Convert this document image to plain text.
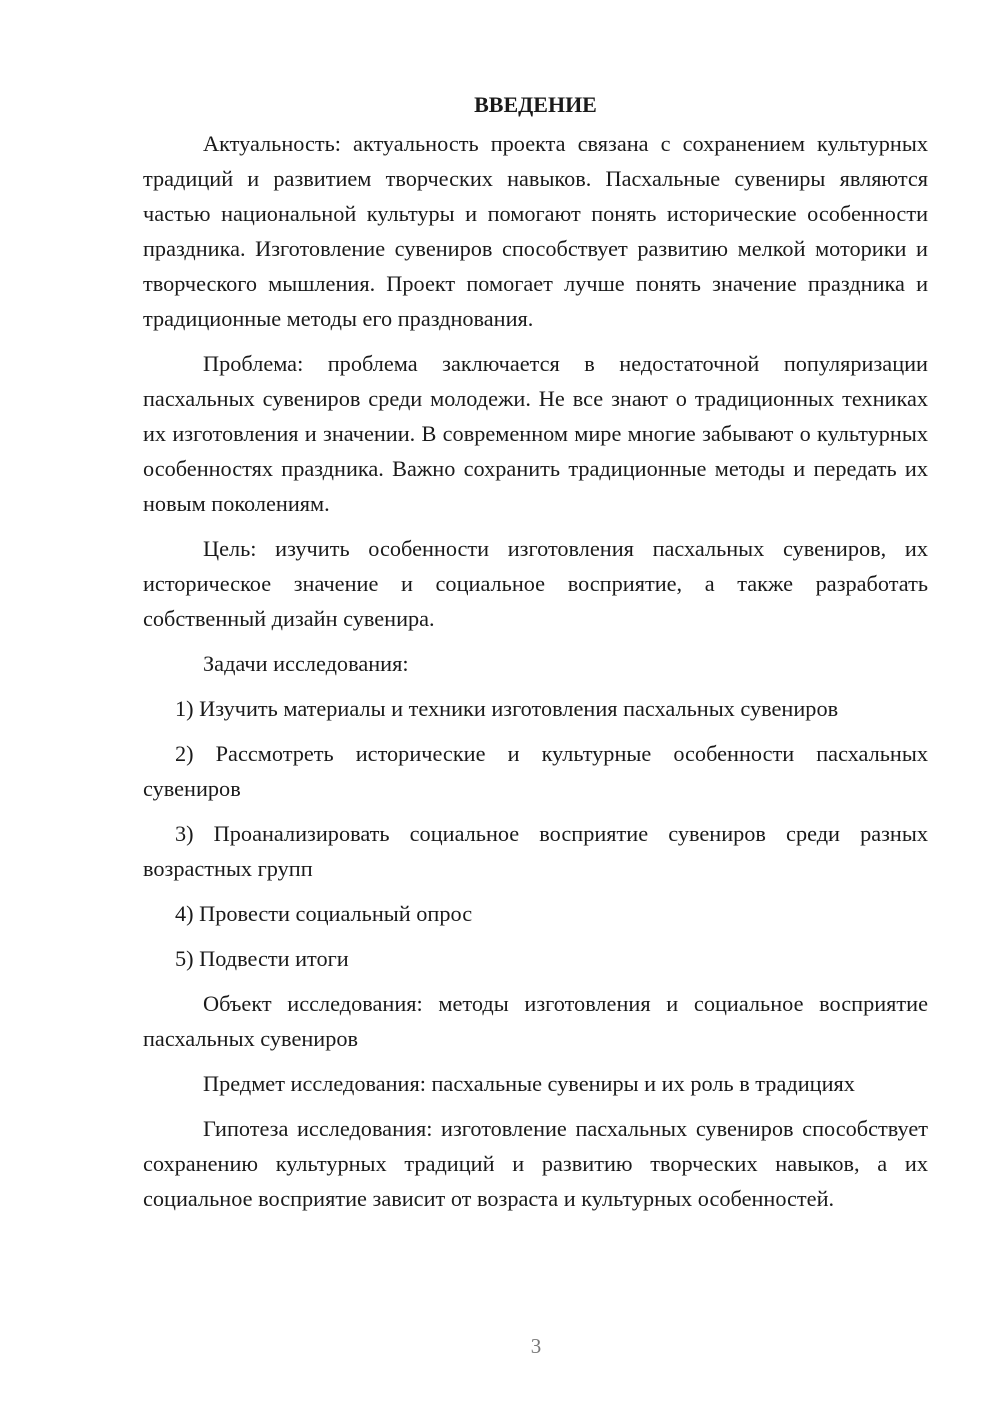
ВВЕДЕНИЕ

Актуальность: актуальность проекта связана с сохранением культурных традиций и развитием творческих навыков. Пасхальные сувениры являются частью национальной культуры и помогают понять исторические особенности праздника. Изготовление сувениров способствует развитию мелкой моторики и творческого мышления. Проект помогает лучше понять значение праздника и традиционные методы его празднования.

Проблема: проблема заключается в недостаточной популяризации пасхальных сувениров среди молодежи. Не все знают о традиционных техниках их изготовления и значении. В современном мире многие забывают о культурных особенностях праздника. Важно сохранить традиционные методы и передать их новым поколениям.

Цель: изучить особенности изготовления пасхальных сувениров, их историческое значение и социальное восприятие, а также разработать собственный дизайн сувенира.

Задачи исследования:

1) Изучить материалы и техники изготовления пасхальных сувениров

2) Рассмотреть исторические и культурные особенности пасхальных сувениров

3) Проанализировать социальное восприятие сувениров среди разных возрастных групп

4) Провести социальный опрос

5) Подвести итоги

Объект исследования: методы изготовления и социальное восприятие пасхальных сувениров

Предмет исследования: пасхальные сувениры и их роль в традициях

Гипотеза исследования: изготовление пасхальных сувениров способствует сохранению культурных традиций и развитию творческих навыков, а их социальное восприятие зависит от возраста и культурных особенностей.

3
